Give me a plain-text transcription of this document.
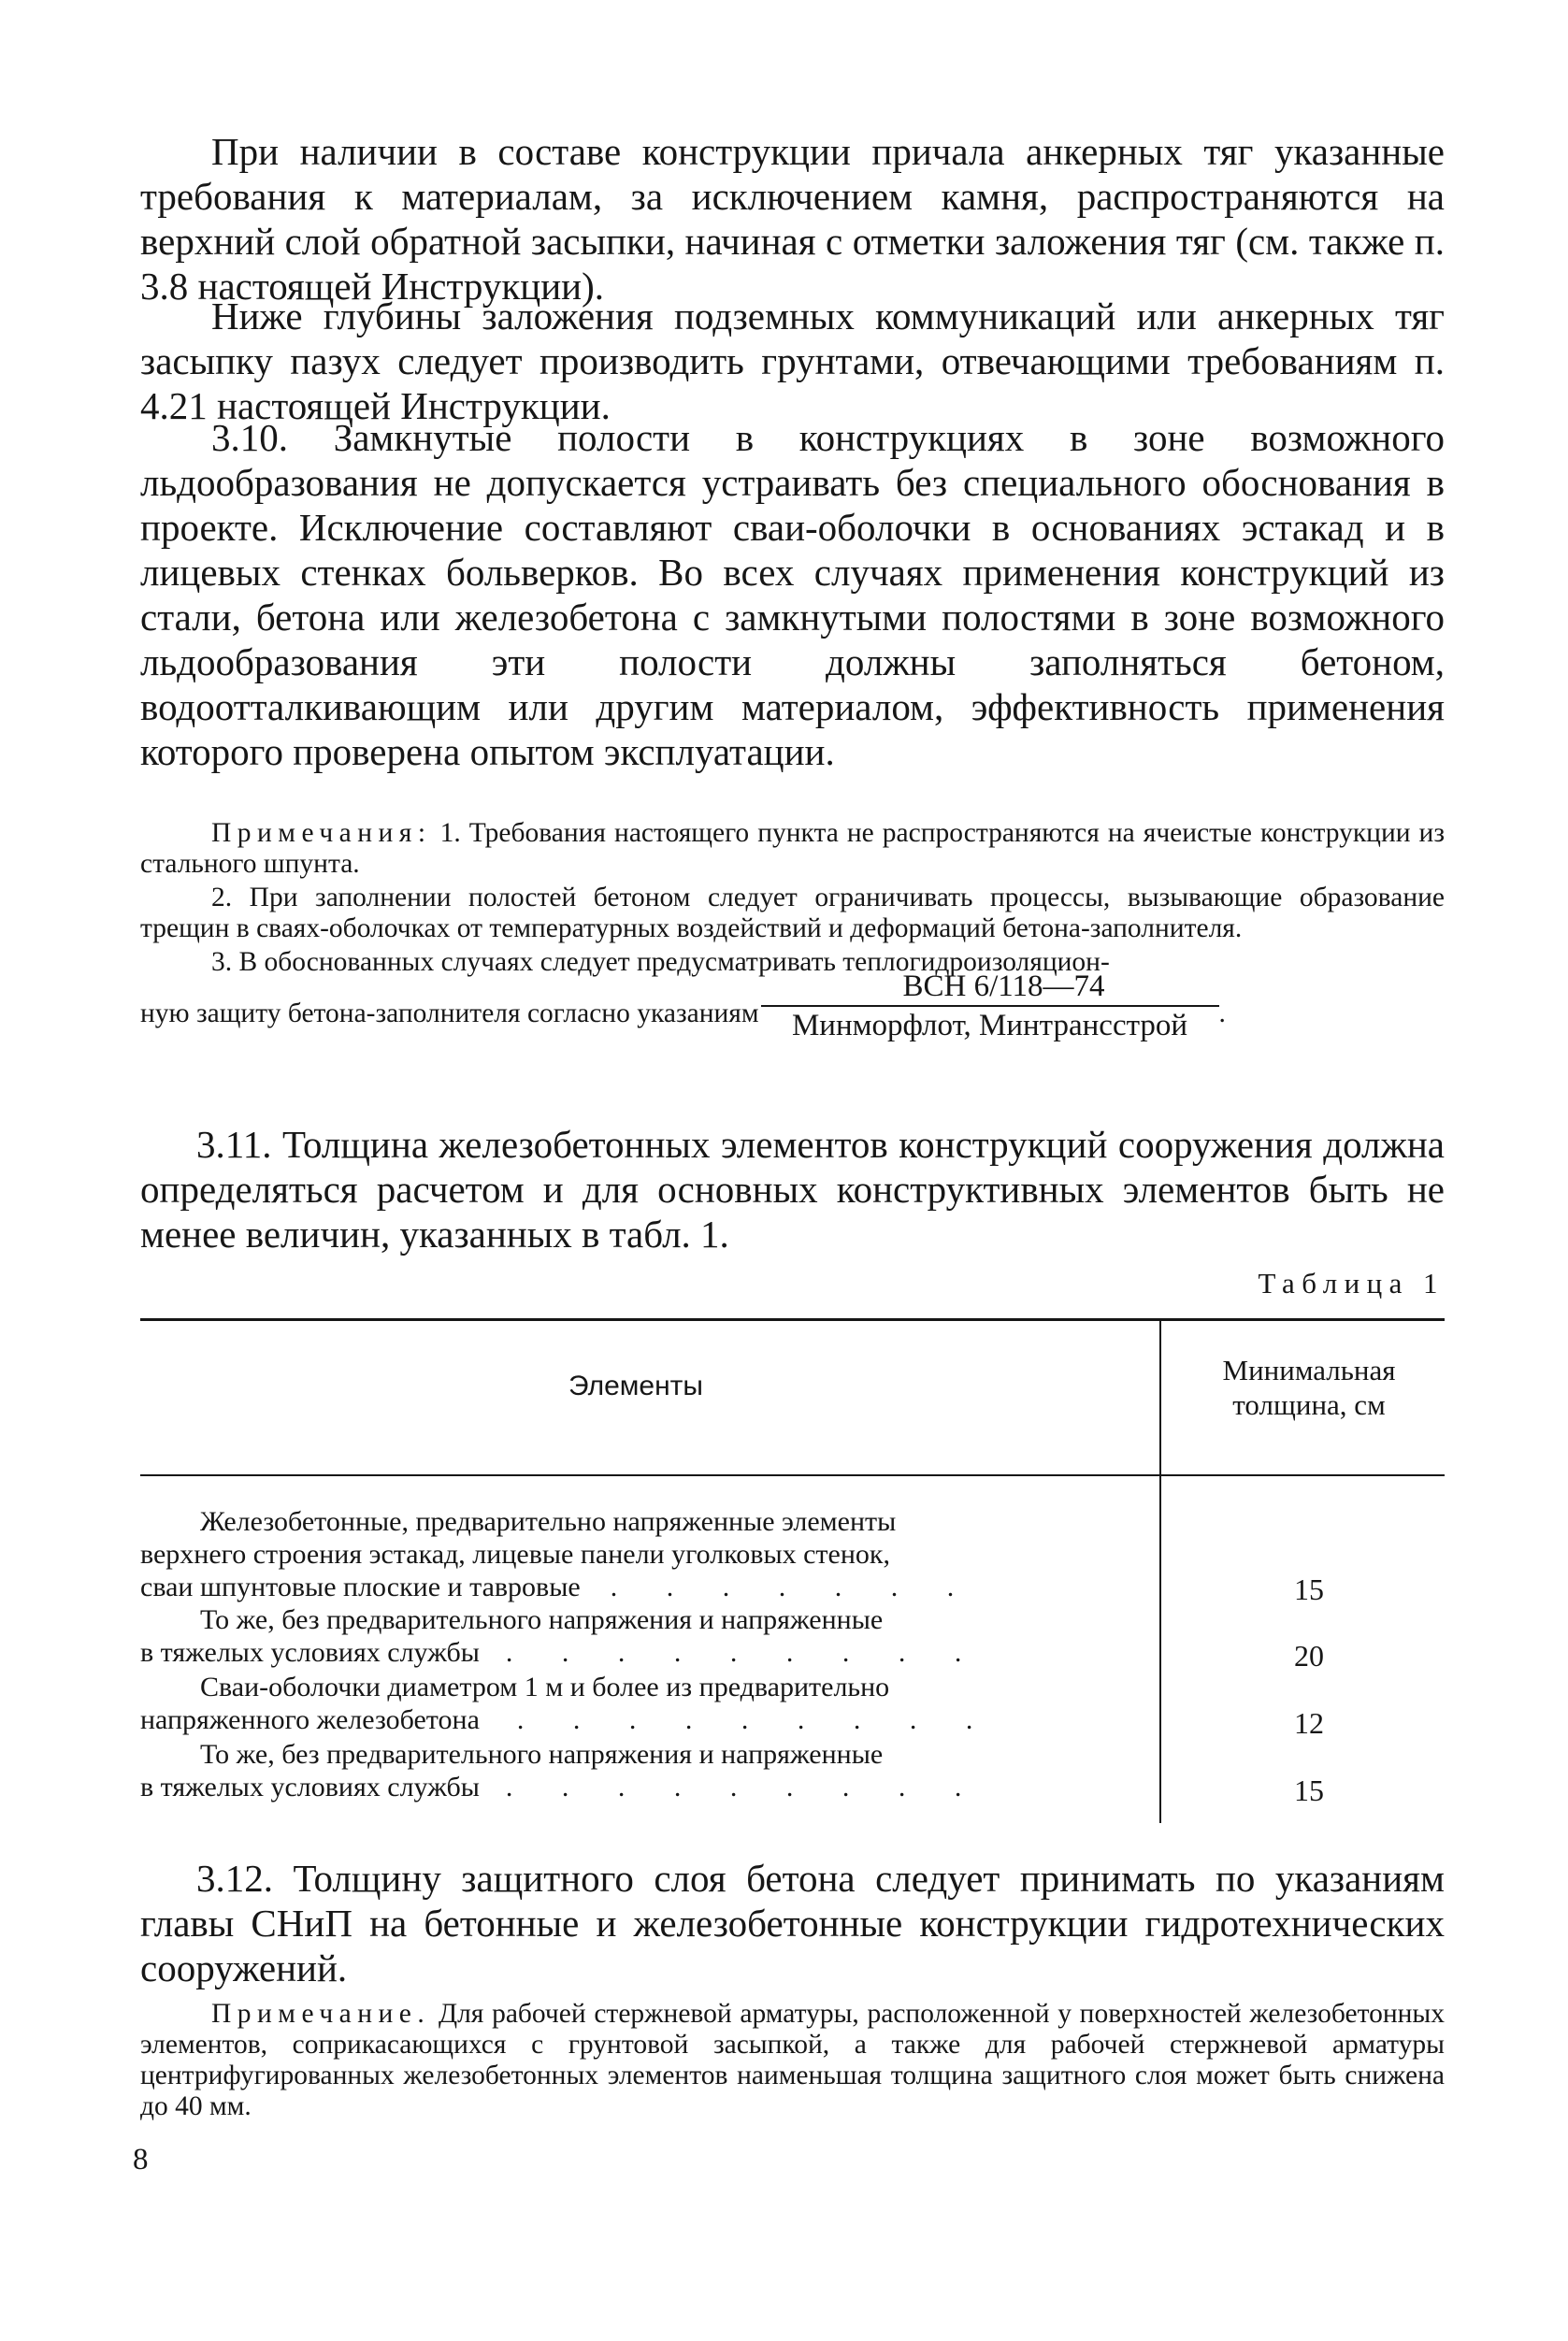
При наличии в составе конструкции причала анкерных тяг указанные требования к материалам, за исключением камня, распространяются на верхний слой обратной засыпки, начиная с отметки заложения тяг (см. также п. 3.8 настоящей Инструкции).

Ниже глубины заложения подземных коммуникаций или анкерных тяг засыпку пазух следует производить грунтами, отвечающими требованиям п. 4.21 настоящей Инструкции.

3.10. Замкнутые полости в конструкциях в зоне возможного льдообразования не допускается устраивать без специального обоснования в проекте. Исключение составляют сваи-оболочки в основаниях эстакад и в лицевых стенках больверков. Во всех случаях применения конструкций из стали, бетона или железобетона с замкнутыми полостями в зоне возможного льдообразования эти полости должны заполняться бетоном, водоотталкивающим или другим материалом, эффективность применения которого проверена опытом эксплуатации.

Примечания: 1. Требования настоящего пункта не распространяются на ячеистые конструкции из стального шпунта.

2. При заполнении полостей бетоном следует ограничивать процессы, вызывающие образование трещин в сваях-оболочках от температурных воздействий и деформаций бетона-заполнителя.

3. В обоснованных случаях следует предусматривать теплогидроизоляцион-

ную защиту бетона-заполнителя согласно указаниям $\frac{\text{ВСН 6/118—74}}{\text{Минморфлот, Минтрансстрой}}$ .

3.11. Толщина железобетонных элементов конструкций сооружения должна определяться расчетом и для основных конструктивных элементов быть не менее величин, указанных в табл. 1.

Таблица 1
Элементы	Минимальная
толщина, см
Железобетонные, предварительно напряженные элементы
верхнего строения эстакад, лицевые панели уголковых стенок,
сваи шпунтовые плоские и тавровые . . . . . . .	15
То же, без предварительного напряжения и напряженные
в тяжелых условиях службы . . . . . . . . .	20
Сваи-оболочки диаметром 1 м и более из предварительно
напряженного железобетона . . . . . . . . .	12
То же, без предварительного напряжения и напряженные
в тяжелых условиях службы . . . . . . . . .	15

3.12. Толщину защитного слоя бетона следует принимать по указаниям главы СНиП на бетонные и железобетонные конструкции гидротехнических сооружений.

Примечание. Для рабочей стержневой арматуры, расположенной у поверхностей железобетонных элементов, соприкасающихся с грунтовой засыпкой, а также для рабочей стержневой арматуры центрифугированных железобетонных элементов наименьшая толщина защитного слоя может быть снижена до 40 мм.

8
